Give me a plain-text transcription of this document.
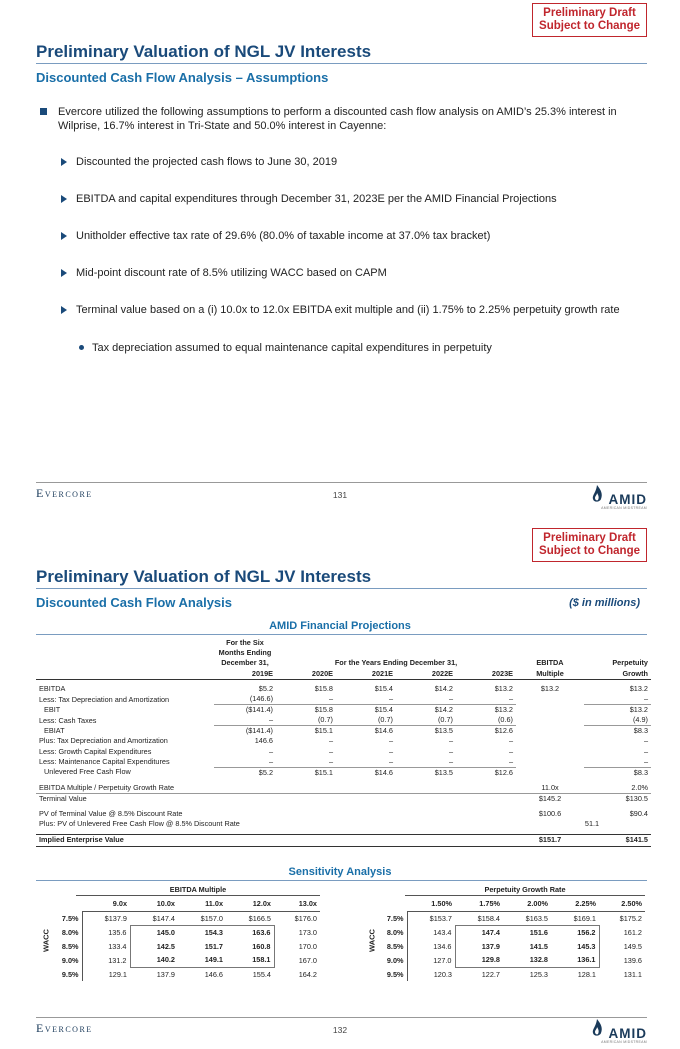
Preliminary Draft
Subject to Change
Preliminary Valuation of NGL JV Interests
Discounted Cash Flow Analysis – Assumptions
Evercore utilized the following assumptions to perform a discounted cash flow analysis on AMID’s 25.3% interest in Wilprise, 16.7% interest in Tri-State and 50.0% interest in Cayenne:
Discounted the projected cash flows to June 30, 2019
EBITDA and capital expenditures through December 31, 2023E per the AMID Financial Projections
Unitholder effective tax rate of 29.6% (80.0% of taxable income at 37.0% tax bracket)
Mid-point discount rate of 8.5% utilizing WACC based on CAPM
Terminal value based on a (i) 10.0x to 12.0x EBITDA exit multiple and (ii) 1.75% to 2.25% perpetuity growth rate
Tax depreciation assumed to equal maintenance capital expenditures in perpetuity
Evercore	131	AMID
AMERICAN MIDSTREAM
Preliminary Draft
Subject to Change
Preliminary Valuation of NGL JV Interests
Discounted Cash Flow Analysis	($ in millions)
AMID Financial Projections
	For the Six						
	Months Ending						
	December 31,	For the Years Ending December 31,				EBITDA	Perpetuity
	2019E	2020E	2021E	2022E	2023E	Multiple	Growth

EBITDA	$5.2	$15.8	$15.4	$14.2	$13.2	$13.2	$13.2
Less: Tax Depreciation and Amortization	(146.6)	–	–	–	–		–
EBIT	($141.4)	$15.8	$15.4	$14.2	$13.2		$13.2
Less: Cash Taxes	–	(0.7)	(0.7)	(0.7)	(0.6)		(4.9)
EBIAT	($141.4)	$15.1	$14.6	$13.5	$12.6		$8.3
Plus: Tax Depreciation and Amortization	146.6	–	–	–	–		–
Less: Growth Capital Expenditures	–	–	–	–	–		–
Less: Maintenance Capital Expenditures	–	–	–	–	–		–
Unlevered Free Cash Flow	$5.2	$15.1	$14.6	$13.5	$12.6		$8.3

EBITDA Multiple / Perpetuity Growth Rate						11.0x	2.0%
Terminal Value						$145.2	$130.5

PV of Terminal Value @ 8.5% Discount Rate						$100.6	$90.4
Plus: PV of Unlevered Free Cash Flow @ 8.5% Discount Rate						51.1	

Implied Enterprise Value						$151.7	$141.5
Sensitivity Analysis
EBITDA Multiple
WACC
	9.0x	10.0x	11.0x	12.0x	13.0x
7.5%	$137.9	$147.4	$157.0	$166.5	$176.0
8.0%	135.6	145.0	154.3	163.6	173.0
8.5%	133.4	142.5	151.7	160.8	170.0
9.0%	131.2	140.2	149.1	158.1	167.0
9.5%	129.1	137.9	146.6	155.4	164.2
Perpetuity Growth Rate
WACC
	1.50%	1.75%	2.00%	2.25%	2.50%
7.5%	$153.7	$158.4	$163.5	$169.1	$175.2
8.0%	143.4	147.4	151.6	156.2	161.2
8.5%	134.6	137.9	141.5	145.3	149.5
9.0%	127.0	129.8	132.8	136.1	139.6
9.5%	120.3	122.7	125.3	128.1	131.1
Evercore	132	AMID
AMERICAN MIDSTREAM
